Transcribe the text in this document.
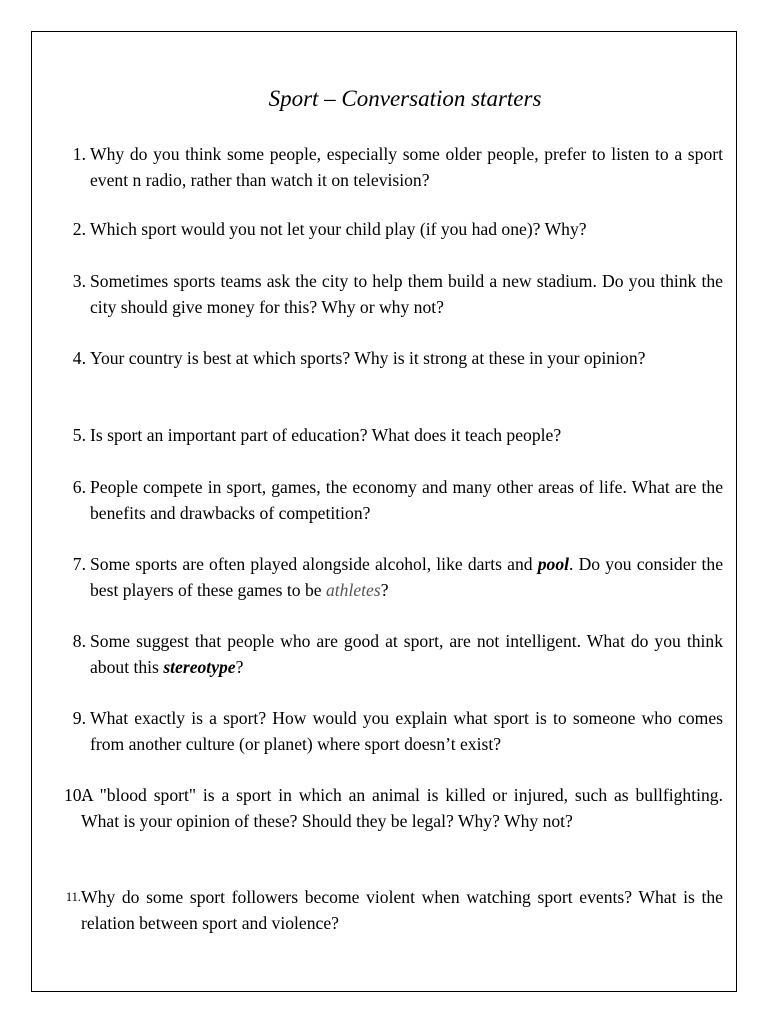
Sport – Conversation starters
1. Why do you think some people, especially some older people, prefer to listen to a sport event n radio, rather than watch it on television?
2. Which sport would you not let your child play (if you had one)? Why?
3. Sometimes sports teams ask the city to help them build a new stadium. Do you think the city should give money for this? Why or why not?
4. Your country is best at which sports? Why is it strong at these in your opinion?
5. Is sport an important part of education? What does it teach people?
6. People compete in sport, games, the economy and many other areas of life. What are the benefits and drawbacks of competition?
7. Some sports are often played alongside alcohol, like darts and pool. Do you consider the best players of these games to be athletes?
8. Some suggest that people who are good at sport, are not intelligent. What do you think about this stereotype?
9. What exactly is a sport? How would you explain what sport is to someone who comes from another culture (or planet) where sport doesn’t exist?
10.
A "blood sport" is a sport in which an animal is killed or injured, such as bullfighting. What is your opinion of these? Should they be legal? Why? Why not?
11. Why do some sport followers become violent when watching sport events? What is the relation between sport and violence?
